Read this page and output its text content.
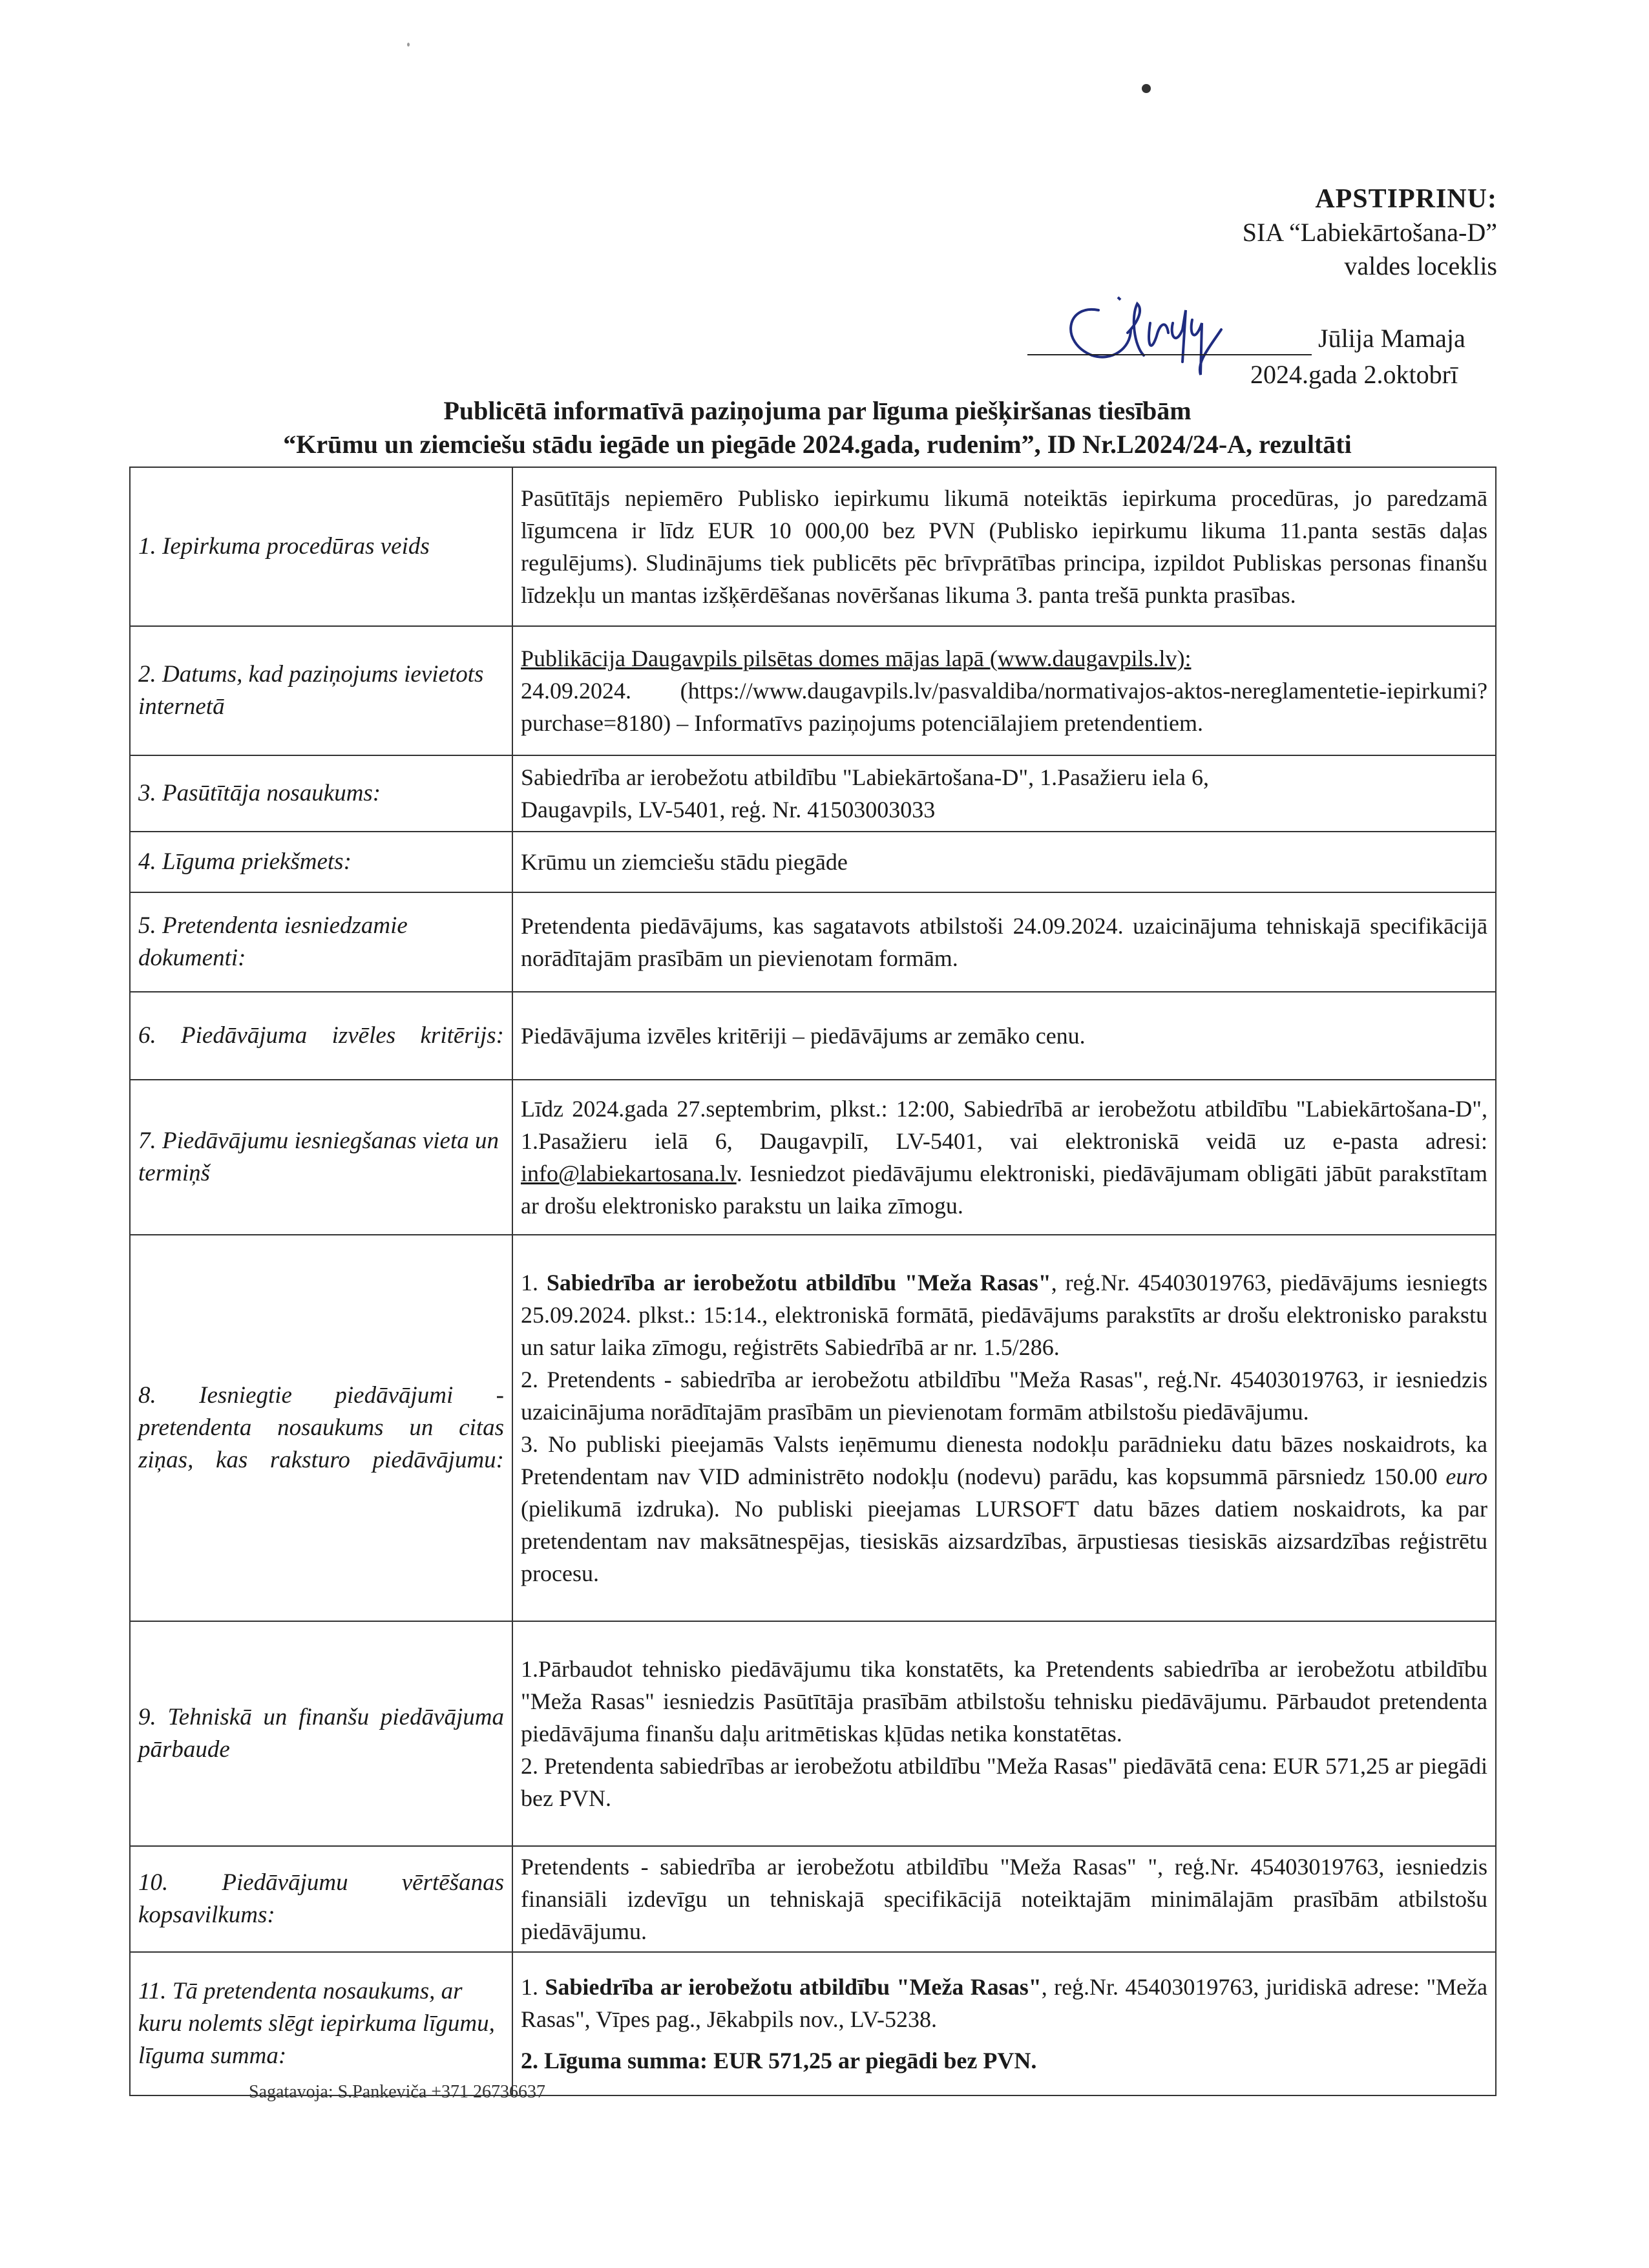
APSTIPRINU:
SIA “Labiekārtošana-D”
valdes loceklis
Jūlija Mamaja
2024.gada 2.oktobrī
Publicētā informatīvā paziņojuma par līguma piešķiršanas tiesībām
“Krūmu un ziemciešu stādu iegāde un piegāde 2024.gada, rudenim”, ID Nr.L2024/24-A, rezultāti
1. Iepirkuma procedūras veids	Pasūtītājs nepiemēro Publisko iepirkumu likumā noteiktās iepirkuma procedūras, jo paredzamā līgumcena ir līdz EUR 10 000,00 bez PVN (Publisko iepirkumu likuma 11.panta sestās daļas regulējums). Sludinājums tiek publicēts pēc brīvprātības principa, izpildot Publiskas personas finanšu līdzekļu un mantas izšķērdēšanas novēršanas likuma 3. panta trešā punkta prasības.
2. Datums, kad paziņojums ievietots internetā	Publikācija Daugavpils pilsētas domes mājas lapā (www.daugavpils.lv):
24.09.2024. (https://www.daugavpils.lv/pasvaldiba/normativajos-aktos-nereglamentetie-iepirkumi?purchase=8180) – Informatīvs paziņojums potenciālajiem pretendentiem.
3. Pasūtītāja nosaukums:	Sabiedrība ar ierobežotu atbildību "Labiekārtošana-D", 1.Pasažieru iela 6,
Daugavpils, LV-5401, reģ. Nr. 41503003033

4. Līguma priekšmets:	Krūmu un ziemciešu stādu piegāde
5. Pretendenta iesniedzamie dokumenti:	Pretendenta piedāvājums, kas sagatavots atbilstoši 24.09.2024. uzaicinājuma tehniskajā specifikācijā norādītajām prasībām un pievienotam formām.
6. Piedāvājuma izvēles kritērijs:	Piedāvājuma izvēles kritēriji – piedāvājums ar zemāko cenu.
7. Piedāvājumu iesniegšanas vieta un termiņš	Līdz 2024.gada 27.septembrim, plkst.: 12:00, Sabiedrībā ar ierobežotu atbildību "Labiekārtošana-D", 1.Pasažieru ielā 6, Daugavpilī, LV-5401, vai elektroniskā veidā uz e-pasta adresi: info@labiekartosana.lv. Iesniedzot piedāvājumu elektroniski, piedāvājumam obligāti jābūt parakstītam ar drošu elektronisko parakstu un laika zīmogu.
8. Iesniegtie piedāvājumi - pretendenta nosaukums un citas ziņas, kas raksturo piedāvājumu:	1. Sabiedrība ar ierobežotu atbildību "Meža Rasas", reģ.Nr. 45403019763, piedāvājums iesniegts 25.09.2024. plkst.: 15:14., elektroniskā formātā, piedāvājums parakstīts ar drošu elektronisko parakstu un satur laika zīmogu, reģistrēts Sabiedrībā ar nr. 1.5/286.
2. Pretendents - sabiedrība ar ierobežotu atbildību "Meža Rasas", reģ.Nr. 45403019763, ir iesniedzis uzaicinājuma norādītajām prasībām un pievienotam formām atbilstošu piedāvājumu.
3. No publiski pieejamās Valsts ieņēmumu dienesta nodokļu parādnieku datu bāzes noskaidrots, ka Pretendentam nav VID administrēto nodokļu (nodevu) parādu, kas kopsummā pārsniedz 150.00 euro (pielikumā izdruka). No publiski pieejamas LURSOFT datu bāzes datiem noskaidrots, ka par pretendentam nav maksātnespējas, tiesiskās aizsardzības, ārpustiesas tiesiskās aizsardzības reģistrētu procesu.

9. Tehniskā un finanšu piedāvājuma pārbaude	1.Pārbaudot tehnisko piedāvājumu tika konstatēts, ka Pretendents sabiedrība ar ierobežotu atbildību "Meža Rasas" iesniedzis Pasūtītāja prasībām atbilstošu tehnisku piedāvājumu. Pārbaudot pretendenta piedāvājuma finanšu daļu aritmētiskas kļūdas netika konstatētas.
2. Pretendenta sabiedrības ar ierobežotu atbildību "Meža Rasas" piedāvātā cena: EUR 571,25 ar piegādi bez PVN.

10. Piedāvājumu vērtēšanas kopsavilkums:	Pretendents - sabiedrība ar ierobežotu atbildību "Meža Rasas" ", reģ.Nr. 45403019763, iesniedzis finansiāli izdevīgu un tehniskajā specifikācijā noteiktajām minimālajām prasībām atbilstošu piedāvājumu.
11. Tā pretendenta nosaukums, ar kuru nolemts slēgt iepirkuma līgumu, līguma summa:	1. Sabiedrība ar ierobežotu atbildību "Meža Rasas", reģ.Nr. 45403019763, juridiskā adrese: "Meža Rasas", Vīpes pag., Jēkabpils nov., LV-5238.
2. Līguma summa: EUR 571,25 ar piegādi bez PVN.
Sagatavoja: S.Pankeviča +371 26736637
